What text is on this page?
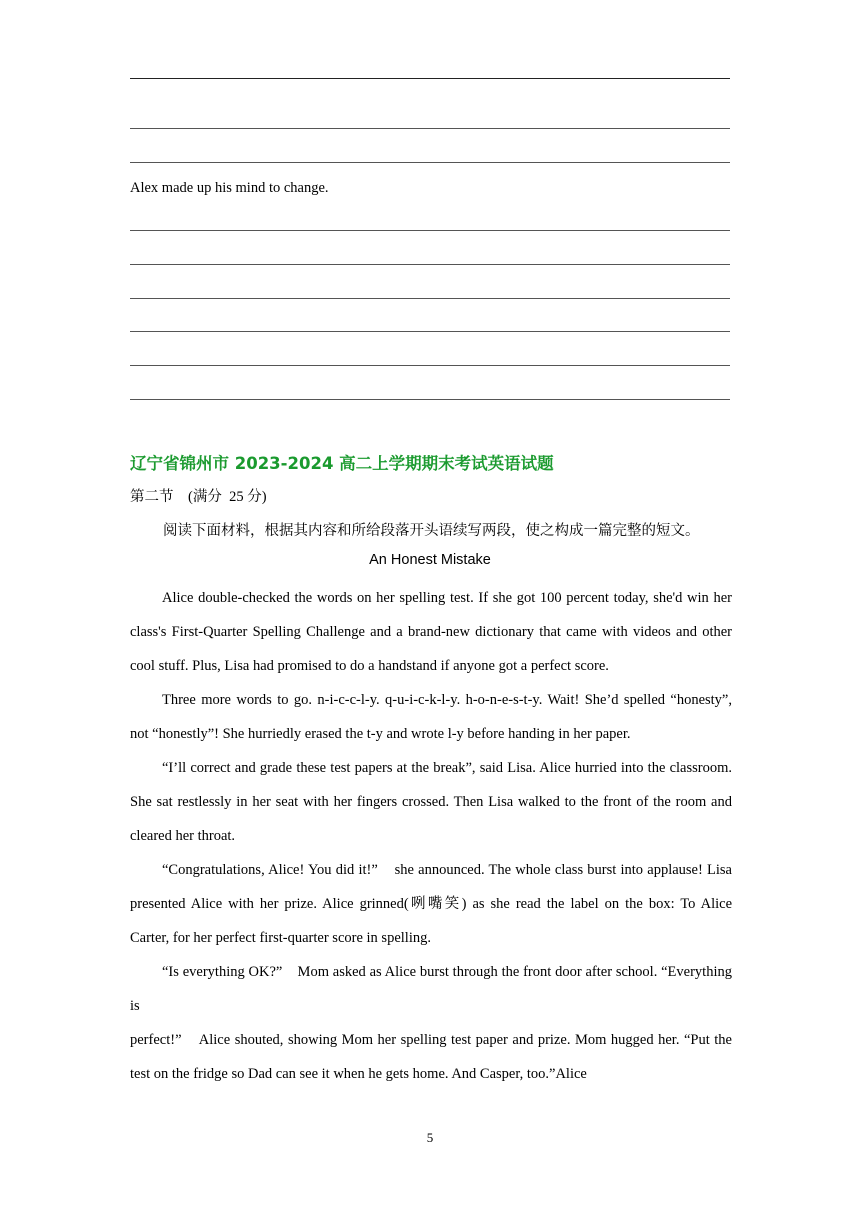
Alex made up his mind to change.
辽宁省锦州市 2023-2024 高二上学期期末考试英语试题
第二节    (满分  25 分)
阅读下面材料，根据其内容和所给段落开头语续写两段，使之构成一篇完整的短文。
An Honest Mistake

Alice double-checked the words on her spelling test. If she got 100 percent today, she'd win her class's First-Quarter Spelling Challenge and a brand-new dictionary that came with videos and other cool stuff. Plus, Lisa had promised to do a handstand if anyone got a perfect score.

Three more words to go. n-i-c-c-l-y. q-u-i-c-k-l-y. h-o-n-e-s-t-y. Wait! She’d spelled “honesty”,    not “honestly”! She hurriedly erased the t-y and wrote l-y before handing in her paper.

“I’ll correct and grade these test papers at the break”, said Lisa. Alice hurried into the classroom.    She sat restlessly in her seat with her fingers crossed. Then Lisa walked to the front of the room and cleared her throat.

“Congratulations, Alice! You did it!”    she announced. The whole class burst into applause! Lisa presented Alice with her prize. Alice grinned(咧嘴笑) as she read the label on the box: To Alice    Carter, for her perfect first-quarter score in spelling.

“Is everything OK?”    Mom asked as Alice burst through the front door after school. “Everything is

perfect!”    Alice shouted, showing Mom her spelling test paper and prize. Mom hugged her. “Put the test on the fridge so Dad can see it when he gets home. And Casper, too.”Alice

5
